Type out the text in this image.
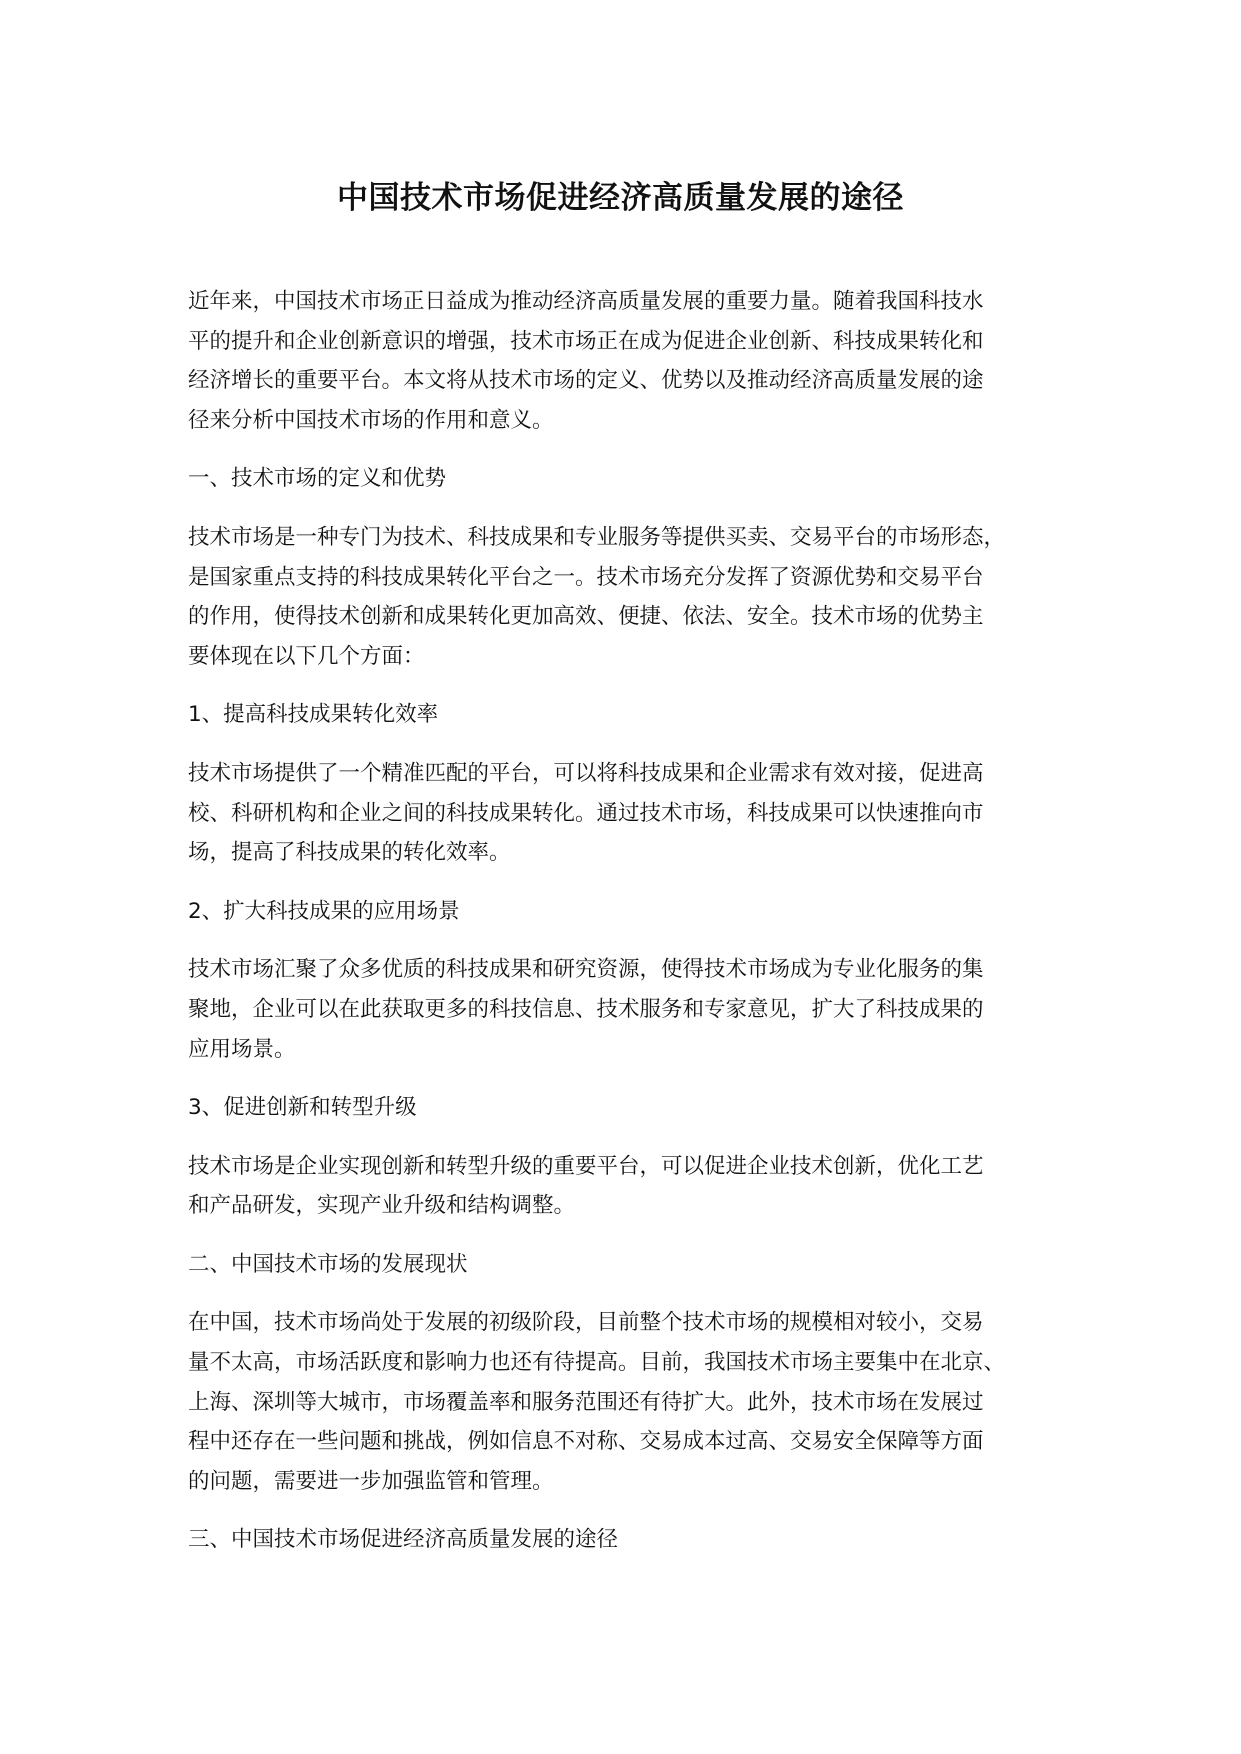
中国技术市场促进经济高质量发展的途径

近年来，中国技术市场正日益成为推动经济高质量发展的重要力量。随着我国科技水
平的提升和企业创新意识的增强，技术市场正在成为促进企业创新、科技成果转化和
经济增长的重要平台。本文将从技术市场的定义、优势以及推动经济高质量发展的途
径来分析中国技术市场的作用和意义。

一、技术市场的定义和优势

技术市场是一种专门为技术、科技成果和专业服务等提供买卖、交易平台的市场形态，
是国家重点支持的科技成果转化平台之一。技术市场充分发挥了资源优势和交易平台
的作用，使得技术创新和成果转化更加高效、便捷、依法、安全。技术市场的优势主
要体现在以下几个方面：

1、提高科技成果转化效率

技术市场提供了一个精准匹配的平台，可以将科技成果和企业需求有效对接，促进高
校、科研机构和企业之间的科技成果转化。通过技术市场，科技成果可以快速推向市
场，提高了科技成果的转化效率。

2、扩大科技成果的应用场景

技术市场汇聚了众多优质的科技成果和研究资源，使得技术市场成为专业化服务的集
聚地，企业可以在此获取更多的科技信息、技术服务和专家意见，扩大了科技成果的
应用场景。

3、促进创新和转型升级

技术市场是企业实现创新和转型升级的重要平台，可以促进企业技术创新，优化工艺
和产品研发，实现产业升级和结构调整。

二、中国技术市场的发展现状

在中国，技术市场尚处于发展的初级阶段，目前整个技术市场的规模相对较小，交易
量不太高，市场活跃度和影响力也还有待提高。目前，我国技术市场主要集中在北京、
上海、深圳等大城市，市场覆盖率和服务范围还有待扩大。此外，技术市场在发展过
程中还存在一些问题和挑战，例如信息不对称、交易成本过高、交易安全保障等方面
的问题，需要进一步加强监管和管理。

三、中国技术市场促进经济高质量发展的途径
